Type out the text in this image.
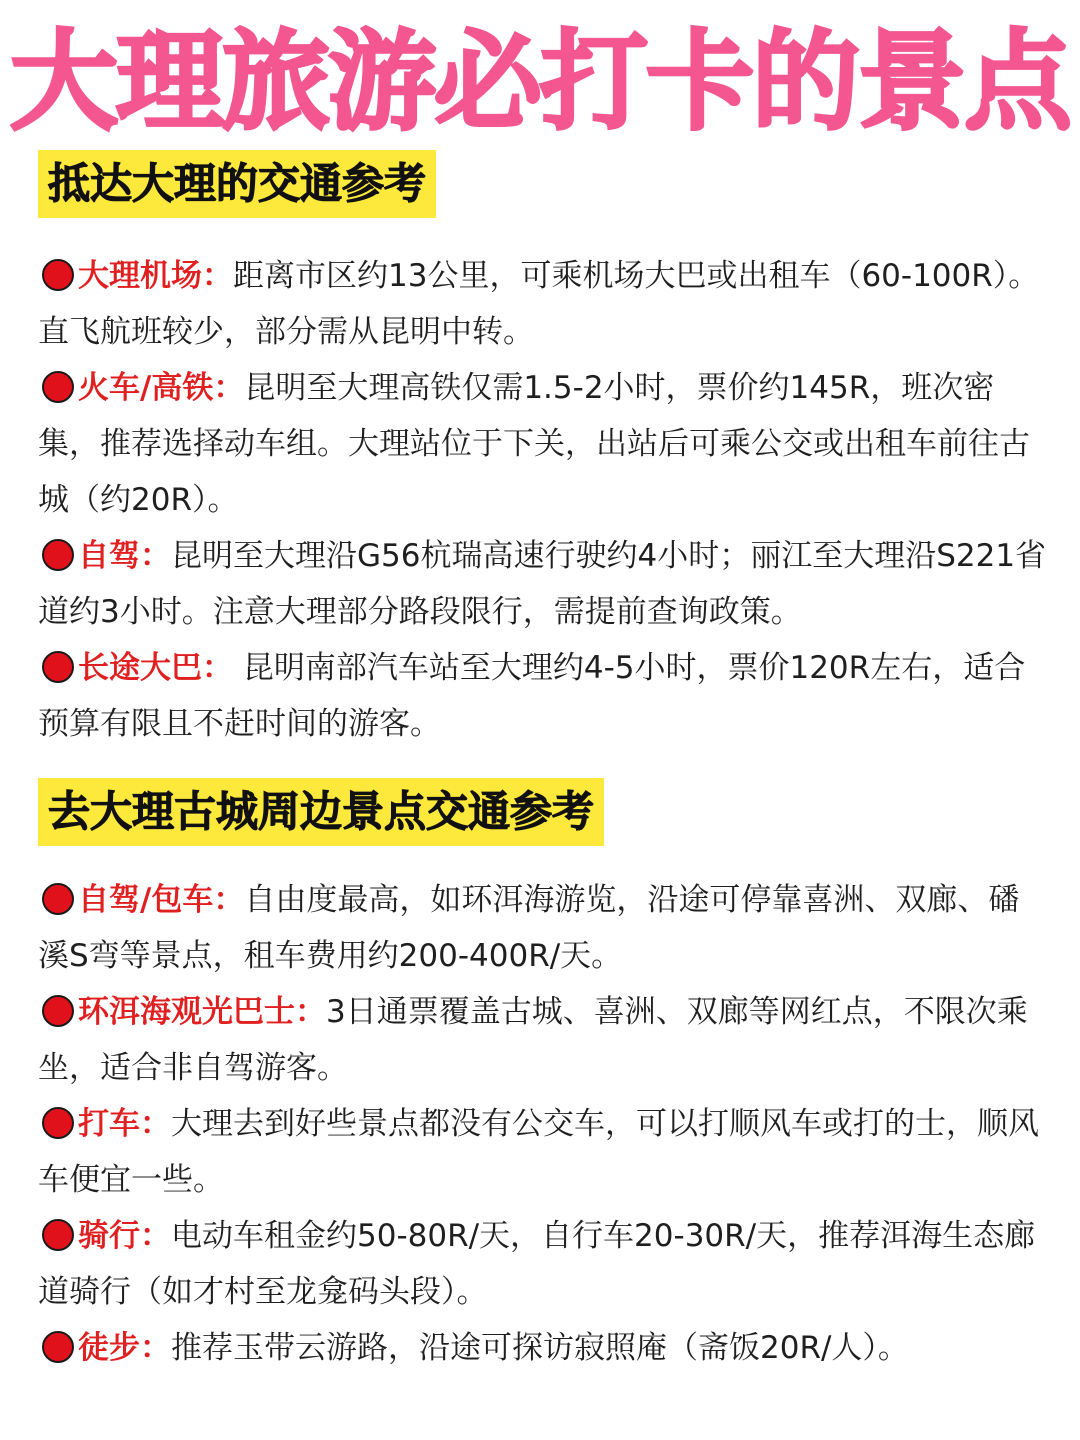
大理旅游必打卡的景点
抵达大理的交通参考
大理机场：距离市区约13公里，可乘机场大巴或出租车（60-100R）。直飞航班较少，部分需从昆明中转。
火车/高铁：昆明至大理高铁仅需1.5-2小时，票价约145R，班次密集，推荐选择动车组。大理站位于下关，出站后可乘公交或出租车前往古城（约20R）。
自驾：昆明至大理沿G56杭瑞高速行驶约4小时；丽江至大理沿S221省道约3小时。注意大理部分路段限行，需提前查询政策。
长途大巴： 昆明南部汽车站至大理约4-5小时，票价120R左右，适合预算有限且不赶时间的游客。
去大理古城周边景点交通参考
自驾/包车：自由度最高，如环洱海游览，沿途可停靠喜洲、双廊、磻溪S弯等景点，租车费用约200-400R/天。
环洱海观光巴士：3日通票覆盖古城、喜洲、双廊等网红点，不限次乘坐，适合非自驾游客。
打车：大理去到好些景点都没有公交车，可以打顺风车或打的士，顺风车便宜一些。
骑行：电动车租金约50-80R/天，自行车20-30R/天，推荐洱海生态廊道骑行（如才村至龙龛码头段）。
徒步：推荐玉带云游路，沿途可探访寂照庵（斋饭20R/人）。
